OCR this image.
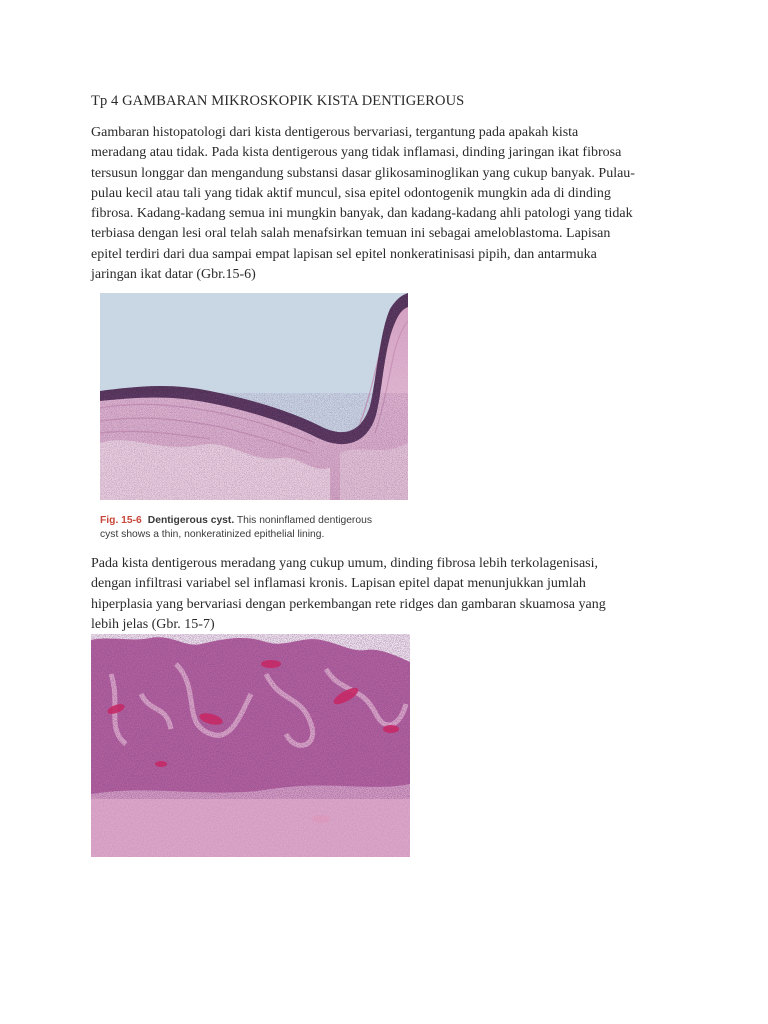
Tp 4 GAMBARAN MIKROSKOPIK KISTA DENTIGEROUS

Gambaran histopatologi dari kista dentigerous bervariasi, tergantung pada apakah kista
meradang atau tidak. Pada kista dentigerous yang tidak inflamasi, dinding jaringan ikat fibrosa
tersusun longgar dan mengandung substansi dasar glikosaminoglikan yang cukup banyak. Pulau-
pulau kecil atau tali yang tidak aktif muncul, sisa epitel odontogenik mungkin ada di dinding
fibrosa. Kadang-kadang semua ini mungkin banyak, dan kadang-kadang ahli patologi yang tidak
terbiasa dengan lesi oral telah salah menafsirkan temuan ini sebagai ameloblastoma. Lapisan
epitel terdiri dari dua sampai empat lapisan sel epitel nonkeratinisasi pipih, dan antarmuka
jaringan ikat datar (Gbr.15-6)

Pada kista dentigerous meradang yang cukup umum, dinding fibrosa lebih terkolagenisasi,
dengan infiltrasi variabel sel inflamasi kronis. Lapisan epitel dapat menunjukkan jumlah
hiperplasia yang bervariasi dengan perkembangan rete ridges dan gambaran skuamosa yang
lebih jelas (Gbr. 15-7)

Fig. 15-6 Dentigerous cyst. This noninflamed dentigerous
cyst shows a thin, nonkeratinized epithelial lining.
